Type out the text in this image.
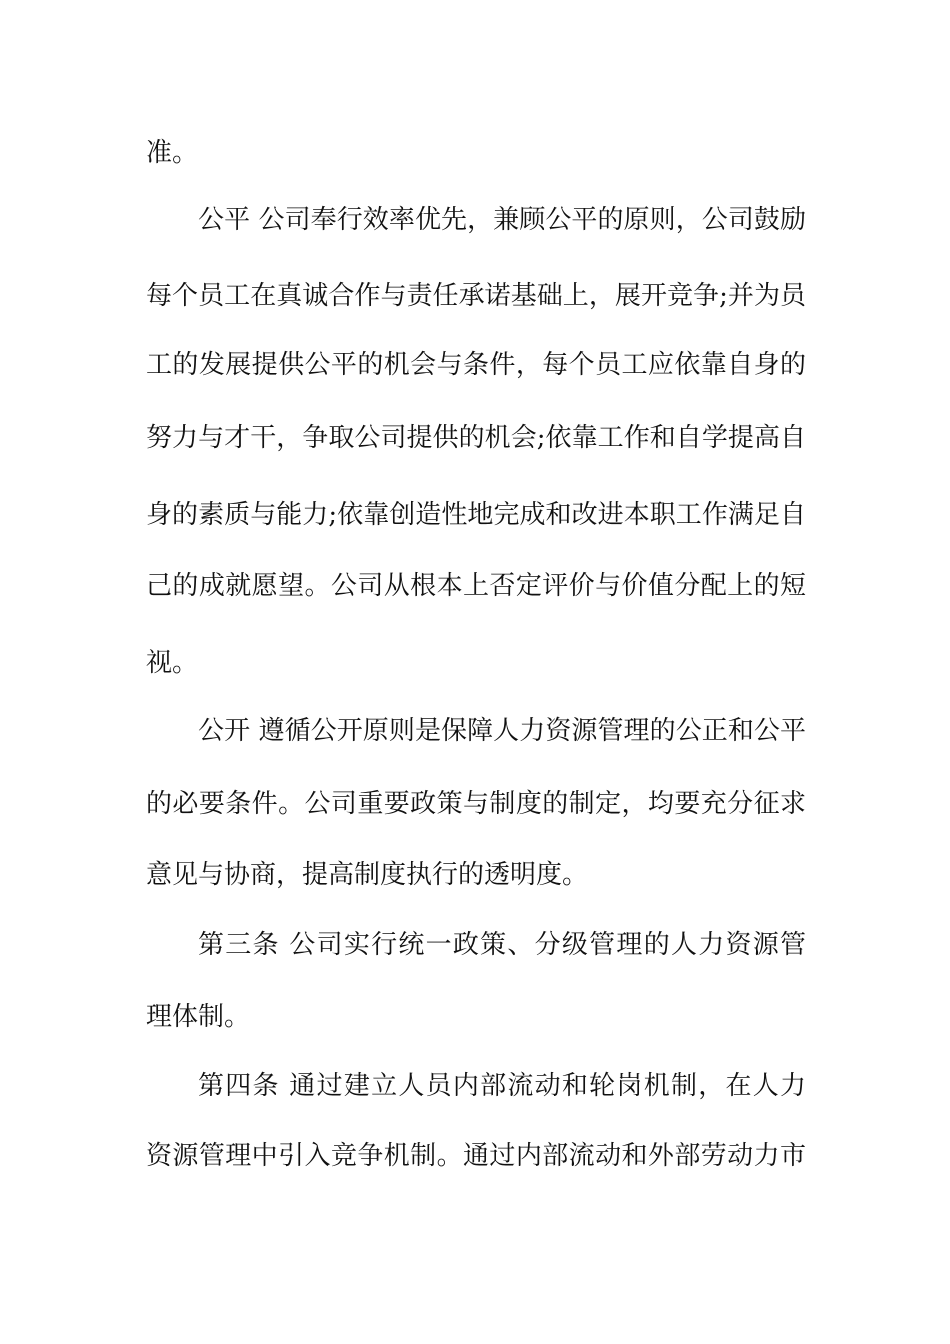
准。
公平 公司奉行效率优先，兼顾公平的原则，公司鼓励
每个员工在真诚合作与责任承诺基础上，展开竞争;并为员
工的发展提供公平的机会与条件，每个员工应依靠自身的
努力与才干，争取公司提供的机会;依靠工作和自学提高自
身的素质与能力;依靠创造性地完成和改进本职工作满足自
己的成就愿望。公司从根本上否定评价与价值分配上的短
视。
公开 遵循公开原则是保障人力资源管理的公正和公平
的必要条件。公司重要政策与制度的制定，均要充分征求
意见与协商，提高制度执行的透明度。
第三条 公司实行统一政策、分级管理的人力资源管
理体制。
第四条 通过建立人员内部流动和轮岗机制，在人力
资源管理中引入竞争机制。通过内部流动和外部劳动力市
